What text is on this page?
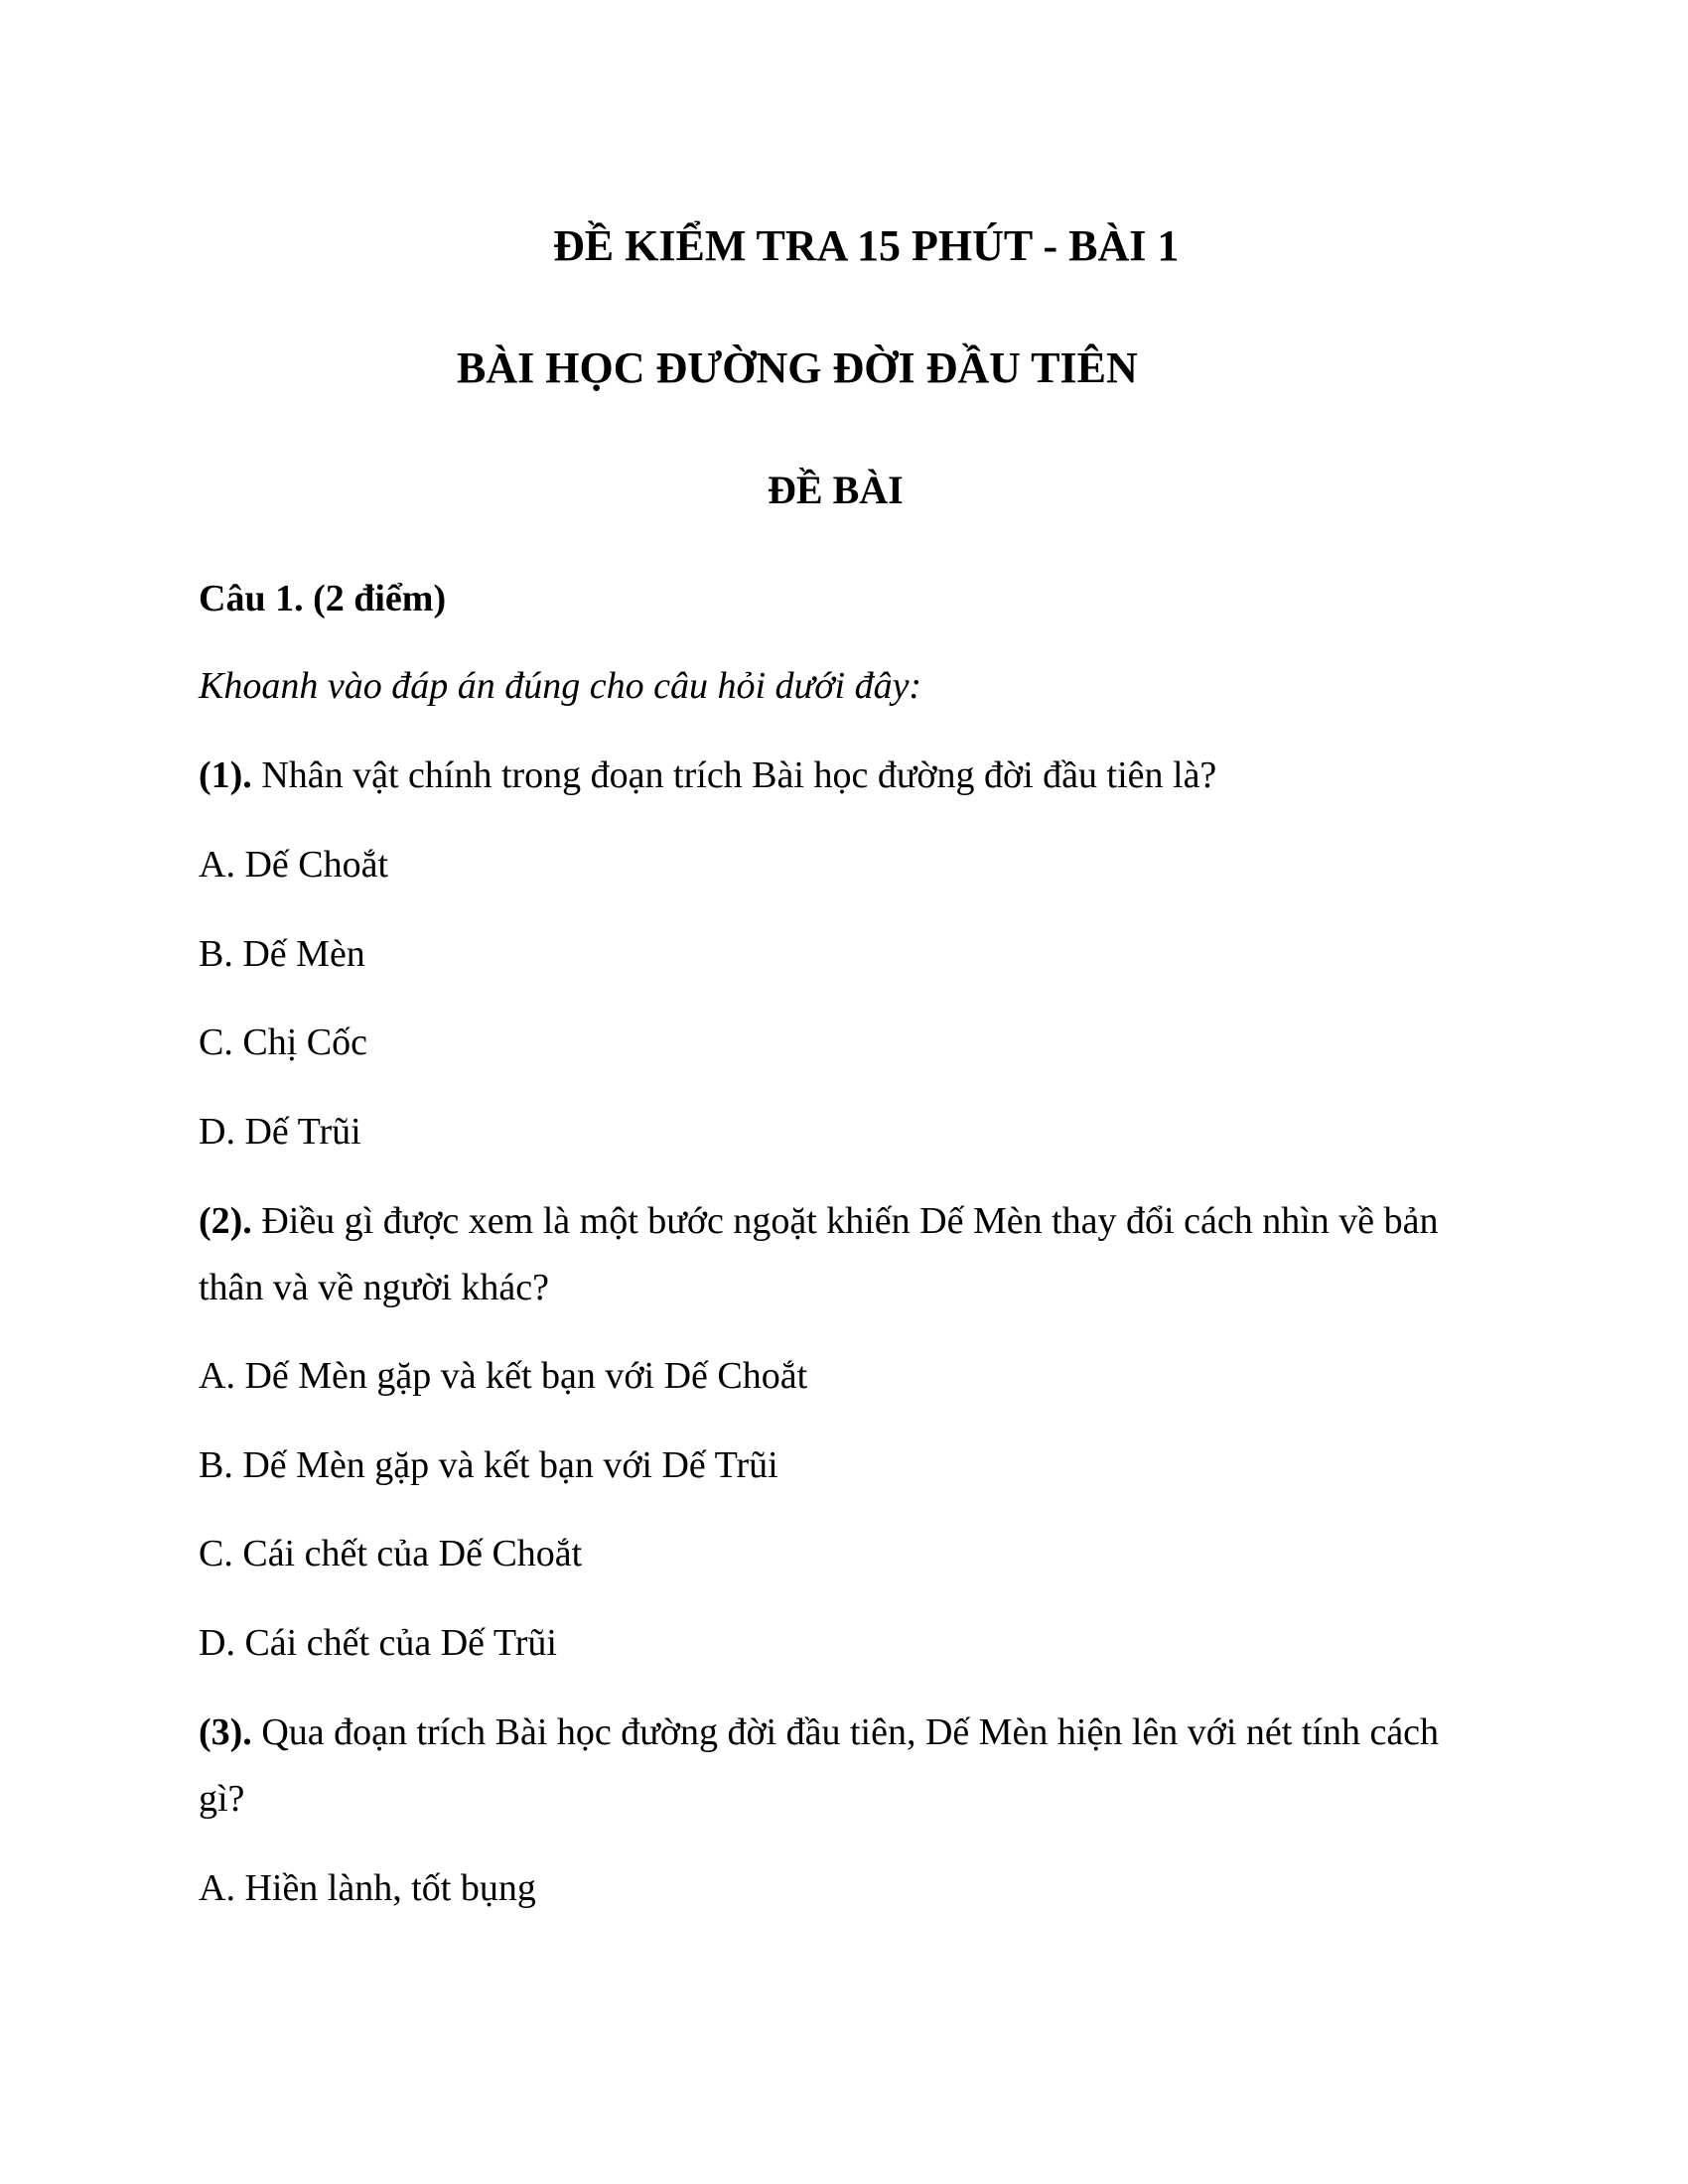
ĐỀ KIỂM TRA 15 PHÚT - BÀI 1
BÀI HỌC ĐƯỜNG ĐỜI ĐẦU TIÊN
ĐỀ BÀI

Câu 1. (2 điểm)

Khoanh vào đáp án đúng cho câu hỏi dưới đây:

(1). Nhân vật chính trong đoạn trích Bài học đường đời đầu tiên là?

A. Dế Choắt

B. Dế Mèn

C. Chị Cốc

D. Dế Trũi

(2). Điều gì được xem là một bước ngoặt khiến Dế Mèn thay đổi cách nhìn về bản

thân và về người khác?

A. Dế Mèn gặp và kết bạn với Dế Choắt

B. Dế Mèn gặp và kết bạn với Dế Trũi

C. Cái chết của Dế Choắt

D. Cái chết của Dế Trũi

(3). Qua đoạn trích Bài học đường đời đầu tiên, Dế Mèn hiện lên với nét tính cách

gì?

A. Hiền lành, tốt bụng
